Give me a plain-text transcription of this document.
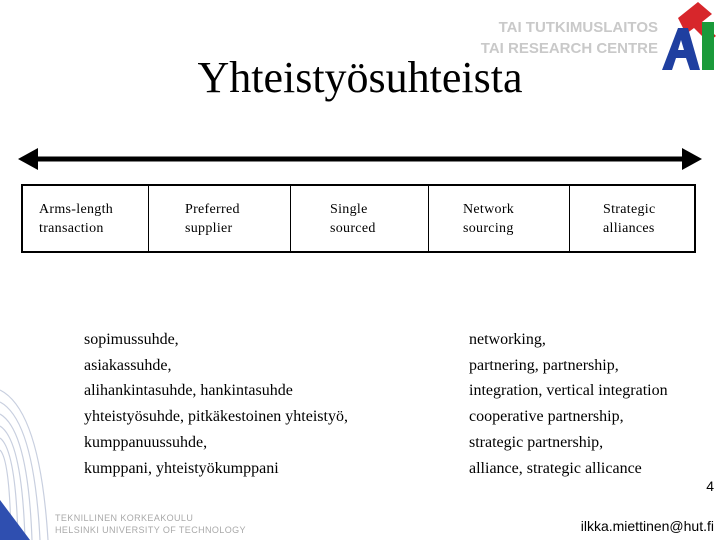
TAI TUTKIMUSLAITOS
TAI RESEARCH CENTRE
Yhteistyösuhteista
Arms-length
transaction
Preferred
supplier
Single
sourced
Network
sourcing
Strategic
alliances
sopimussuhde,
asiakassuhde,
alihankintasuhde, hankintasuhde
yhteistyösuhde, pitkäkestoinen yhteistyö,
kumppanuussuhde,
kumppani, yhteistyökumppani
networking,
partnering, partnership,
integration, vertical integration
cooperative partnership,
strategic partnership,
alliance, strategic allicance
TEKNILLINEN KORKEAKOULU
HELSINKI UNIVERSITY OF TECHNOLOGY
4
ilkka.miettinen@hut.fi
